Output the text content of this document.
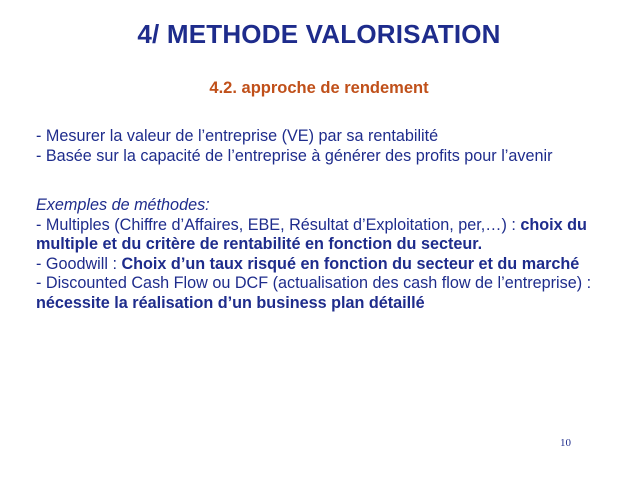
4/ METHODE VALORISATION
4.2. approche de rendement

- Mesurer la valeur de l’entreprise (VE) par sa rentabilité

- Basée sur la capacité de l’entreprise à générer des profits pour l’avenir

Exemples de méthodes:

- Multiples (Chiffre d’Affaires, EBE, Résultat d’Exploitation, per,…) : choix du multiple et du critère de rentabilité en fonction du secteur.

- Goodwill : Choix d’un taux risqué en fonction du secteur et du marché

- Discounted Cash Flow ou DCF (actualisation des cash flow de l’entreprise) : nécessite la réalisation d’un business plan détaillé

10
